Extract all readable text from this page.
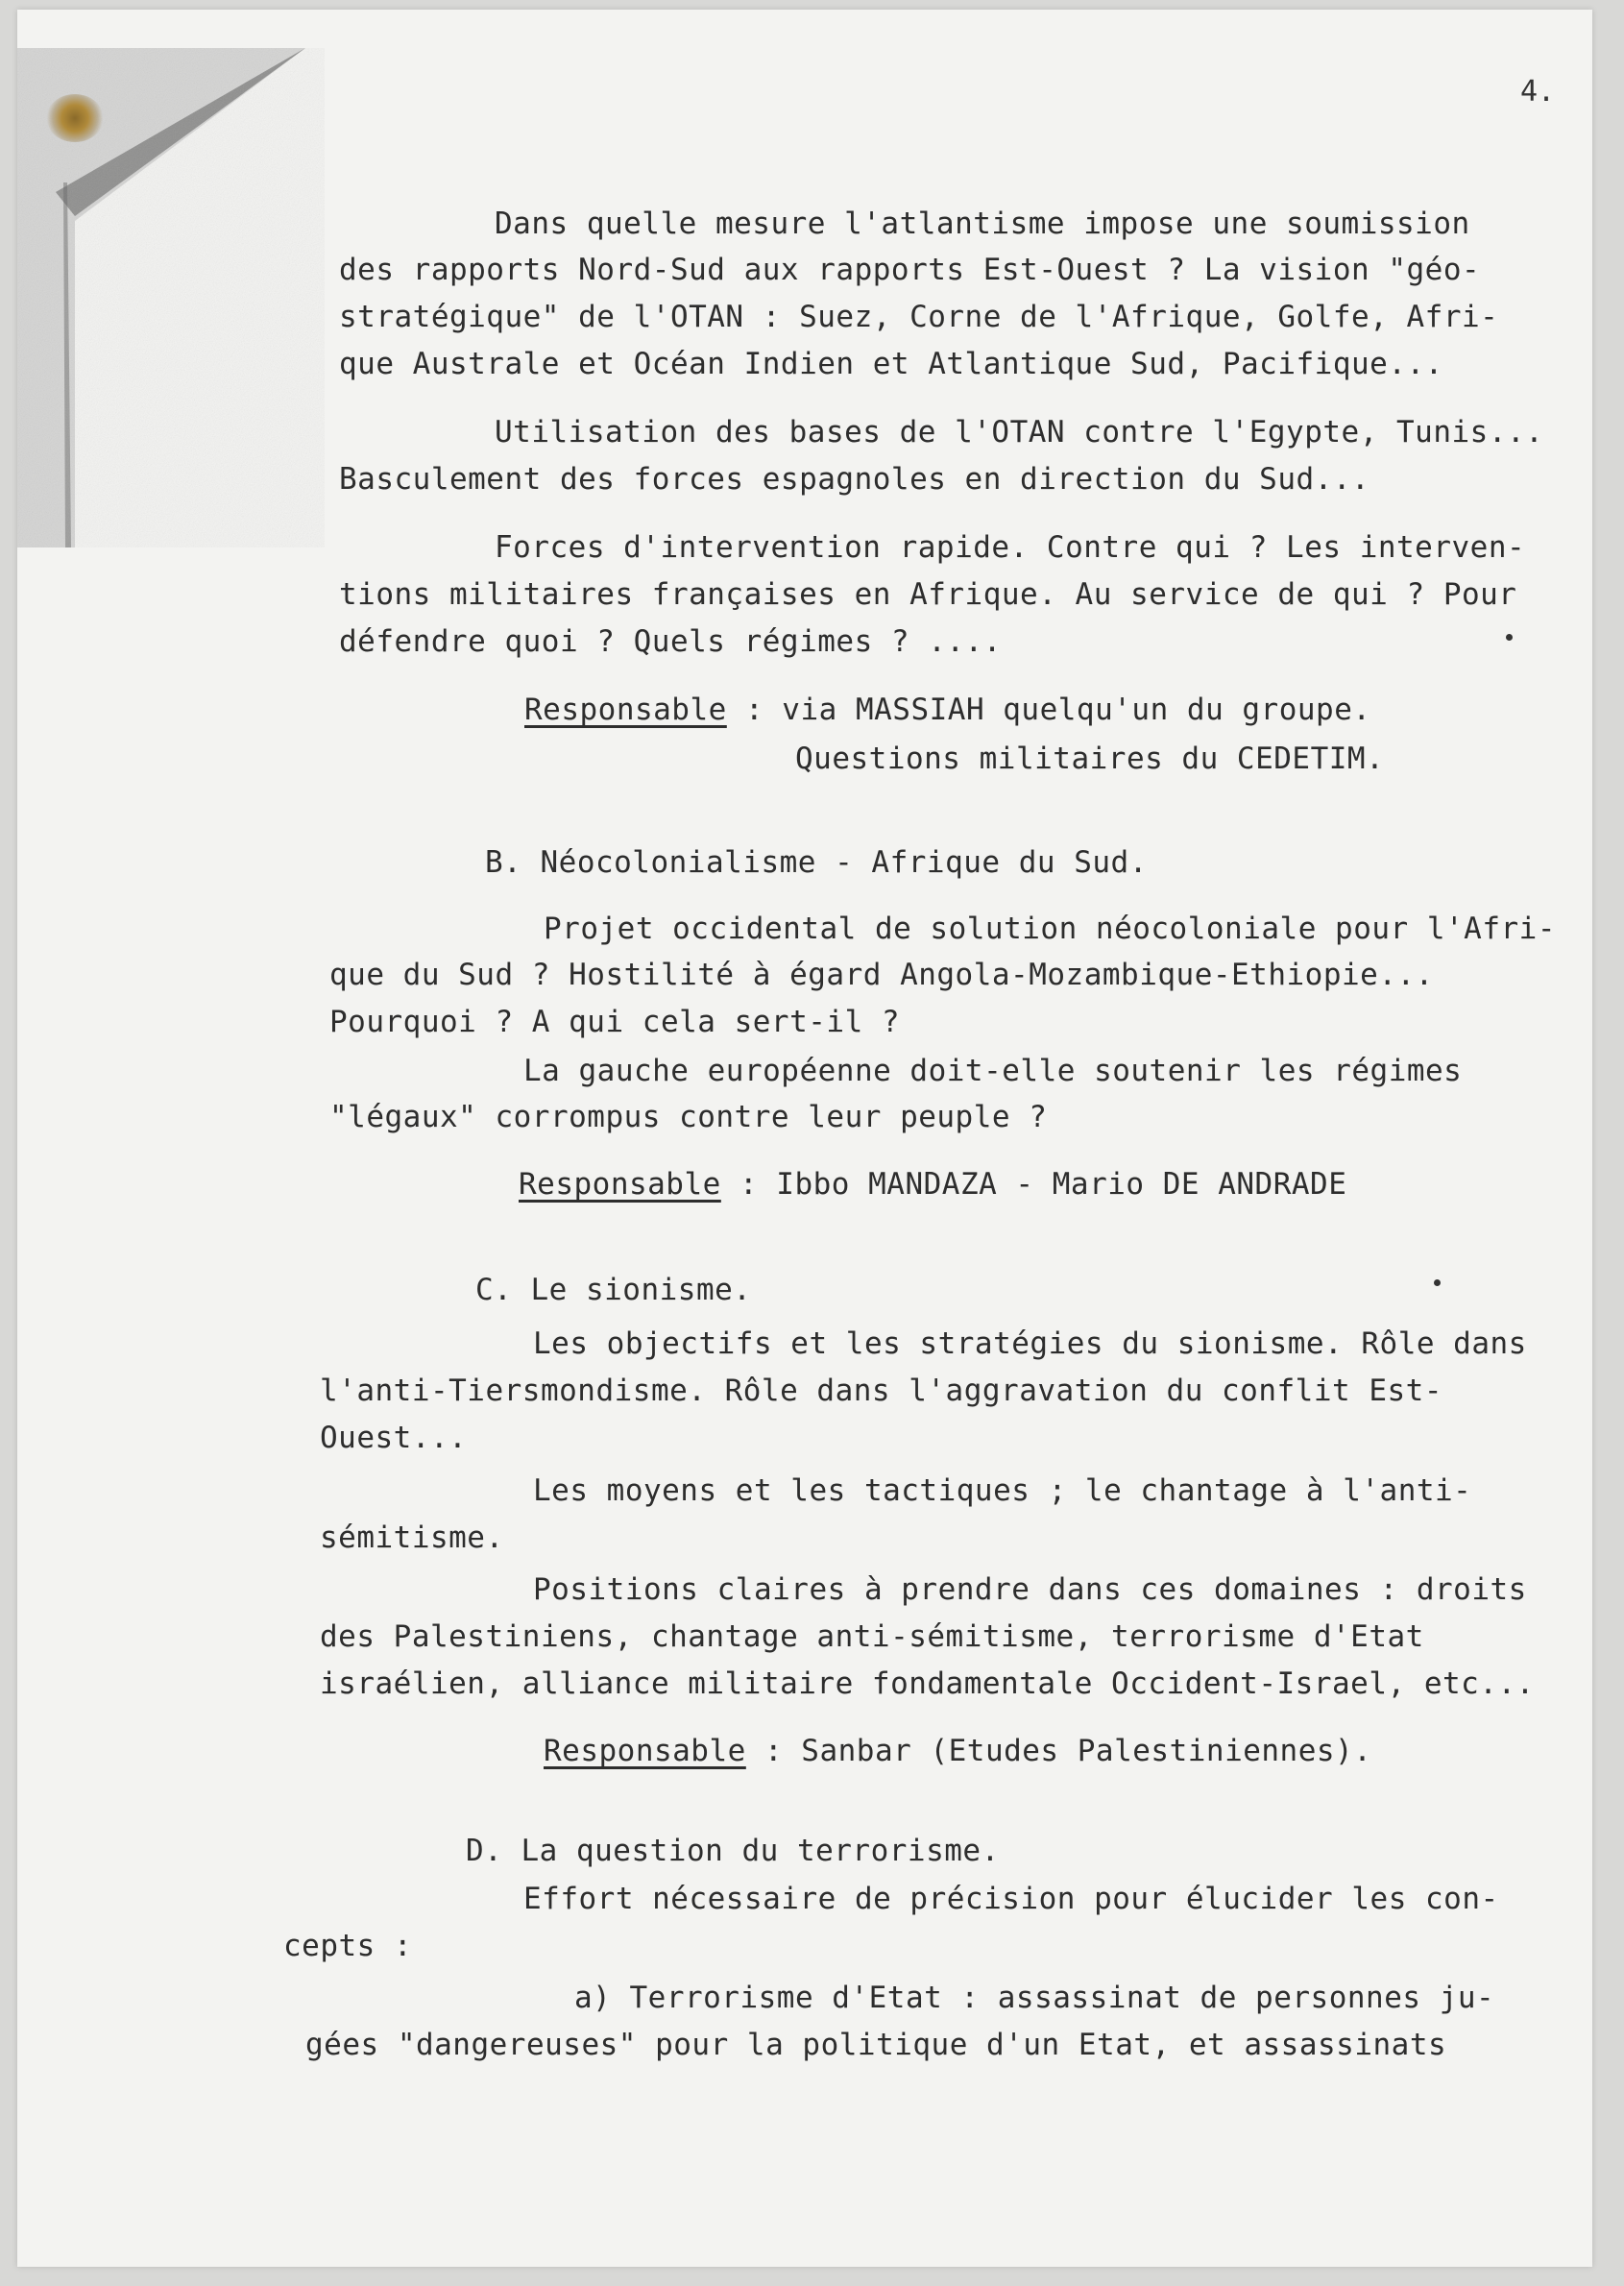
4.
Dans quelle mesure l'atlantisme impose une soumission
des rapports Nord-Sud aux rapports Est-Ouest ? La vision "géo-
stratégique" de l'OTAN : Suez, Corne de l'Afrique, Golfe, Afri-
que Australe et Océan Indien et Atlantique Sud, Pacifique...
Utilisation des bases de l'OTAN contre l'Egypte, Tunis...
Basculement des forces espagnoles en direction du Sud...
Forces d'intervention rapide. Contre qui ? Les interven-
tions militaires françaises en Afrique. Au service de qui ? Pour
défendre quoi ? Quels régimes ? ....
Responsable : via MASSIAH quelqu'un du groupe.
Questions militaires du CEDETIM.
B. Néocolonialisme - Afrique du Sud.
Projet occidental de solution néocoloniale pour l'Afri-
que du Sud ? Hostilité à égard Angola-Mozambique-Ethiopie...
Pourquoi ? A qui cela sert-il ?
La gauche européenne doit-elle soutenir les régimes
"légaux" corrompus contre leur peuple ?
Responsable : Ibbo MANDAZA - Mario DE ANDRADE
C. Le sionisme.
Les objectifs et les stratégies du sionisme. Rôle dans
l'anti-Tiersmondisme. Rôle dans l'aggravation du conflit Est-
Ouest...
Les moyens et les tactiques ; le chantage à l'anti-
sémitisme.
Positions claires à prendre dans ces domaines : droits
des Palestiniens, chantage anti-sémitisme, terrorisme d'Etat
israélien, alliance militaire fondamentale Occident-Israel, etc...
Responsable : Sanbar (Etudes Palestiniennes).
D. La question du terrorisme.
Effort nécessaire de précision pour élucider les con-
cepts :
a) Terrorisme d'Etat : assassinat de personnes ju-
gées "dangereuses" pour la politique d'un Etat, et assassinats
